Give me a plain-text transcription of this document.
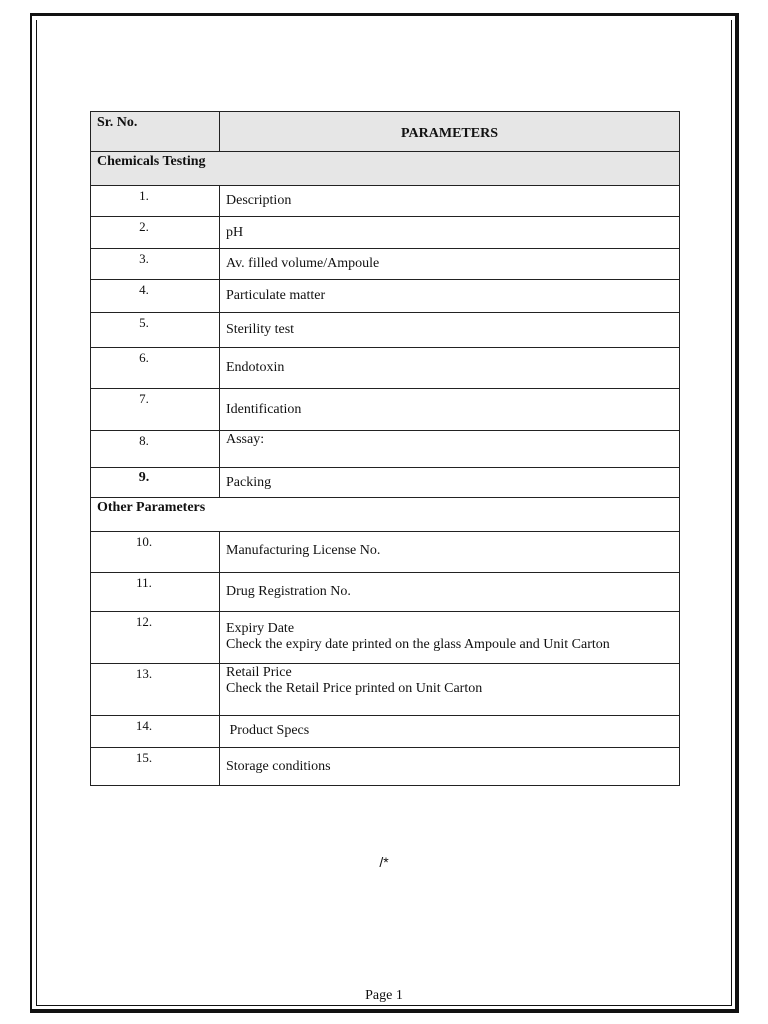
Sr. No.	PARAMETERS
Chemicals Testing	
1.	Description
2.	pH
3.	Av. filled volume/Ampoule
4.	Particulate matter
5.	Sterility test
6.	Endotoxin
7.	Identification
8.	Assay:
9.	Packing
Other Parameters	
10.	Manufacturing License No.
11.	Drug Registration No.
12.	Expiry Date
Check the expiry date printed on the glass Ampoule and Unit Carton

13.	Retail Price
Check the Retail Price printed on Unit Carton

14.	Product Specs
15.	Storage conditions
/*
Page 1
